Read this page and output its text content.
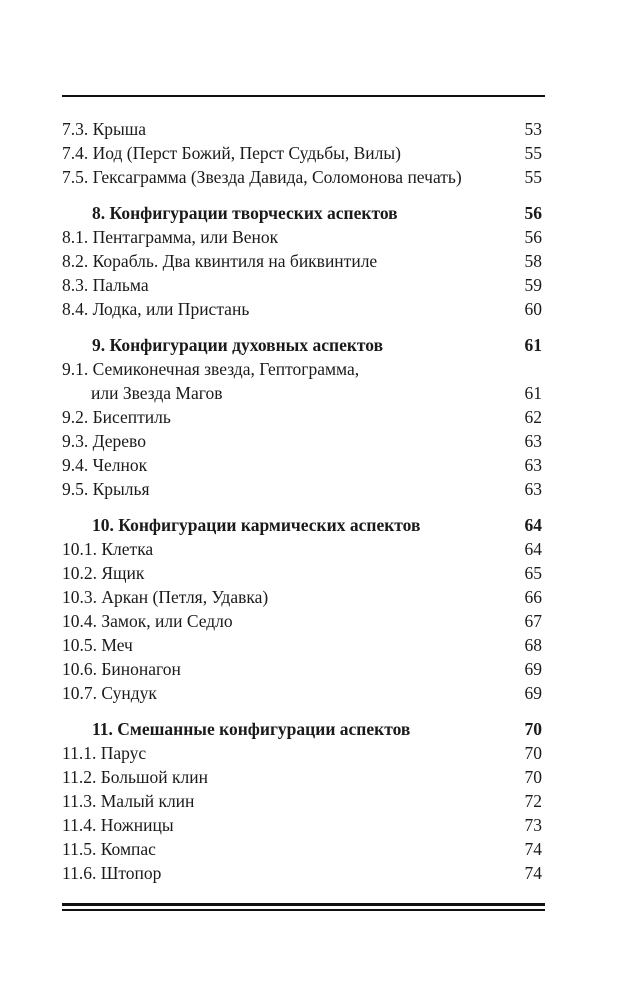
7.3. Крыша	53
7.4. Иод (Перст Божий, Перст Судьбы, Вилы)	55
7.5. Гексаграмма (Звезда Давида, Соломонова печать)	55
8. Конфигурации творческих аспектов	56
8.1. Пентаграмма, или Венок	56
8.2. Корабль. Два квинтиля на биквинтиле	58
8.3. Пальма	59
8.4. Лодка, или Пристань	60
9. Конфигурации духовных аспектов	61
9.1. Семиконечная звезда, Гептограмма,
или Звезда Магов	61
9.2. Бисептиль	62
9.3. Дерево	63
9.4. Челнок	63
9.5. Крылья	63
10. Конфигурации кармических аспектов	64
10.1. Клетка	64
10.2. Ящик	65
10.3. Аркан (Петля, Удавка)	66
10.4. Замок, или Седло	67
10.5. Меч	68
10.6. Бинонагон	69
10.7. Сундук	69
11. Смешанные конфигурации аспектов	70
11.1. Парус	70
11.2. Большой клин	70
11.3. Малый клин	72
11.4. Ножницы	73
11.5. Компас	74
11.6. Штопор	74
